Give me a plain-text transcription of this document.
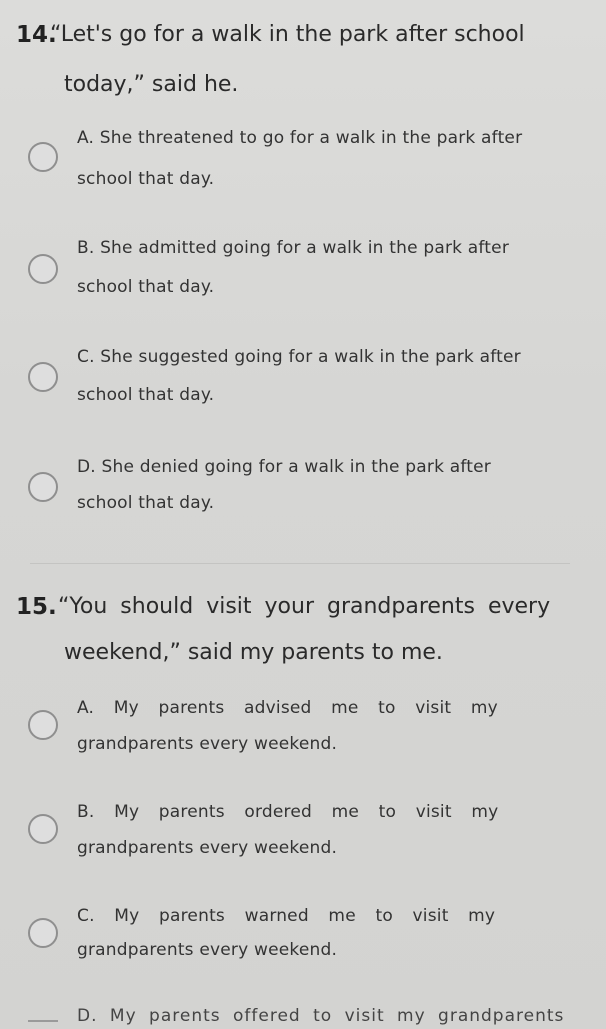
14.
“Let's go for a walk in the park after school
today,” said he.
A. She threatened to go for a walk in the park after
school that day.
B. She admitted going for a walk in the park after
school that day.
C. She suggested going for a walk in the park after
school that day.
D. She denied going for a walk in the park after
school that day.
15. “You should visit your grandparents every
weekend,” said my parents to me.
A. My parents advised me to visit my
grandparents every weekend.
B. My parents ordered me to visit my
grandparents every weekend.
C. My parents warned me to visit my
grandparents every weekend.
D. My parents offered to visit my grandparents
